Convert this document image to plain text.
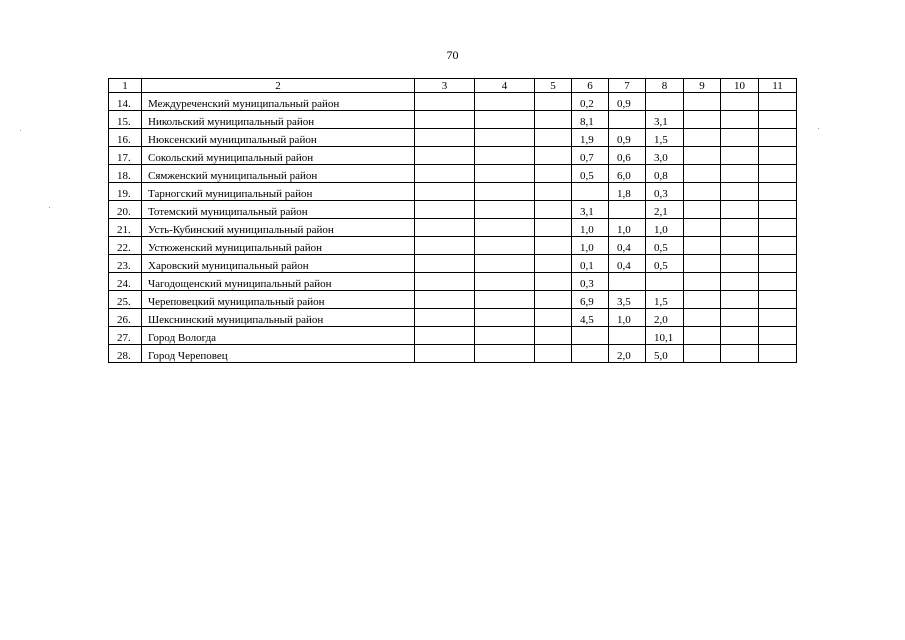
70
1	2	3	4	5	6	7	8	9	10	11
14.	Междуреченский муниципальный район				0,2	0,9				
15.	Никольский муниципальный район				8,1		3,1			
16.	Нюксенский муниципальный район				1,9	0,9	1,5			
17.	Сокольский муниципальный район				0,7	0,6	3,0			
18.	Сямженский муниципальный район				0,5	6,0	0,8			
19.	Тарногский муниципальный район					1,8	0,3			
20.	Тотемский муниципальный район				3,1		2,1			
21.	Усть-Кубинский муниципальный район				1,0	1,0	1,0			
22.	Устюженский муниципальный район				1,0	0,4	0,5			
23.	Харовский муниципальный район				0,1	0,4	0,5			
24.	Чагодощенский муниципальный район				0,3					
25.	Череповецкий муниципальный район				6,9	3,5	1,5			
26.	Шекснинский муниципальный район				4,5	1,0	2,0			
27.	Город Вологда						10,1			
28.	Город Череповец					2,0	5,0			
